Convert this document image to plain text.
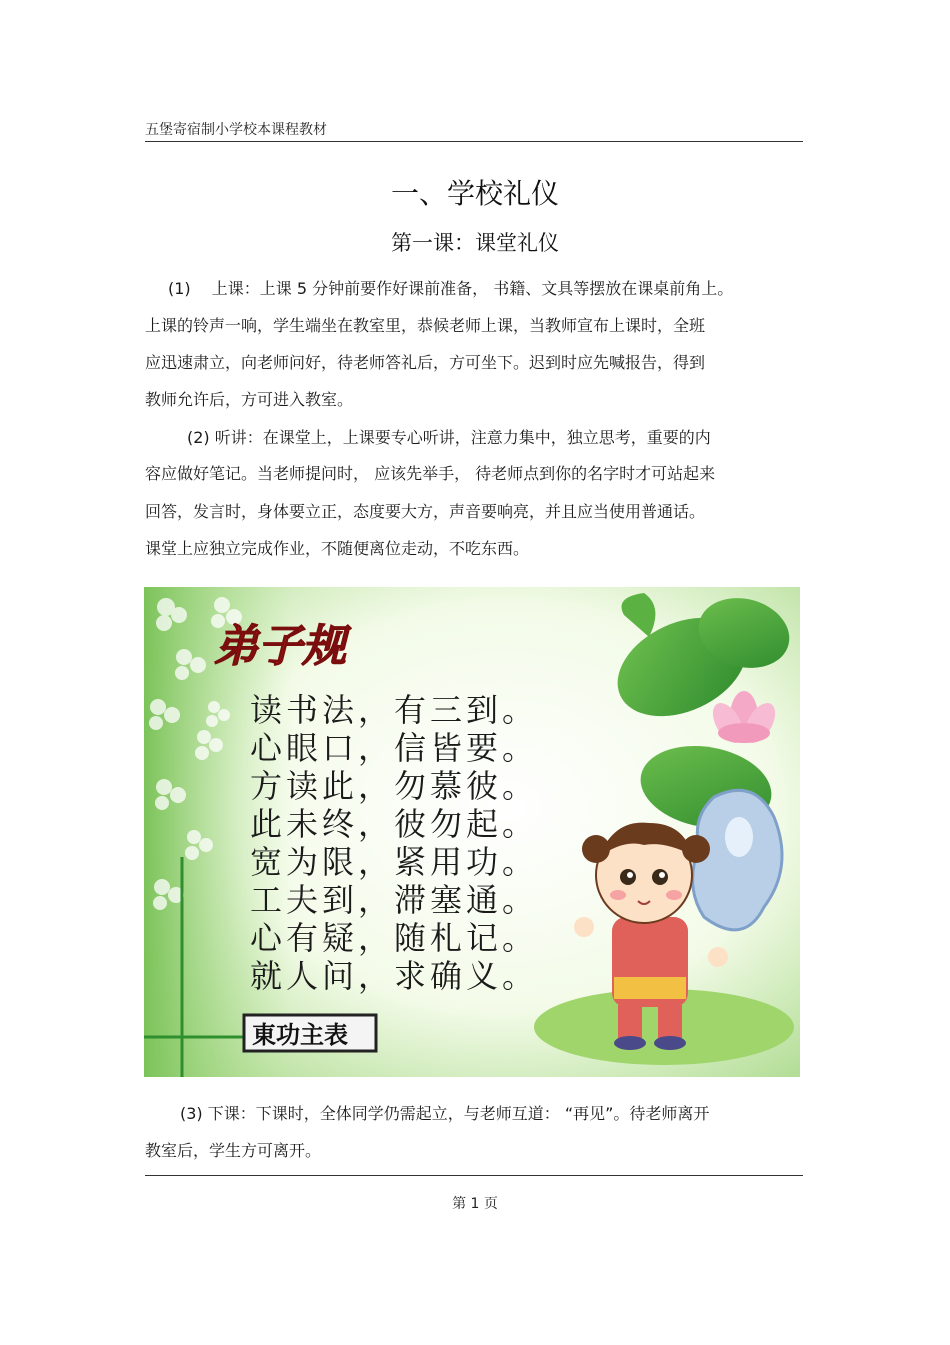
五堡寄宿制小学校本课程教材
一、学校礼仪
第一课：课堂礼仪
(1)　 上课：上课 5 分钟前要作好课前准备， 书籍、文具等摆放在课桌前角上。
上课的铃声一响，学生端坐在教室里，恭候老师上课，当教师宣布上课时，全班
应迅速肃立，向老师问好，待老师答礼后，方可坐下。迟到时应先喊报告，得到
教师允许后，方可进入教室。
(2) 听讲：在课堂上，上课要专心听讲，注意力集中，独立思考，重要的内
容应做好笔记。当老师提问时， 应该先举手， 待老师点到你的名字时才可站起来
回答，发言时，身体要立正，态度要大方，声音要响亮，并且应当使用普通话。
课堂上应独立完成作业，不随便离位走动，不吃东西。
弟子规
读书法，有三到。
心眼口，信皆要。
方读此，勿慕彼。
此未终，彼勿起。
宽为限，紧用功。
工夫到，滞塞通。
心有疑，随札记。
就人问，求确义。
東功主表
(3) 下课：下课时，全体同学仍需起立，与老师互道： “再见”。待老师离开
教室后，学生方可离开。
第 1 页
